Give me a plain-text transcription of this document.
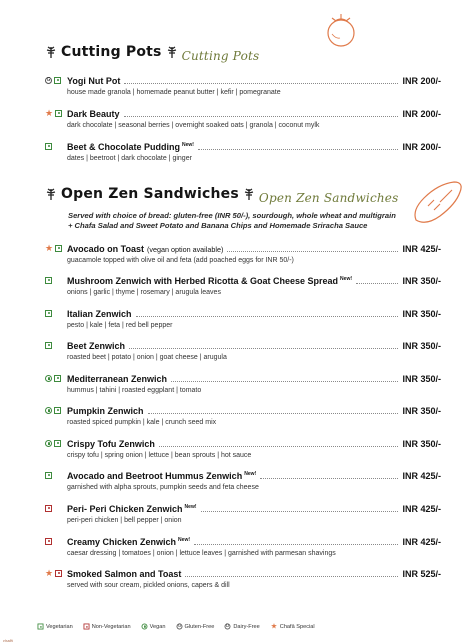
Cutting Pots Cutting Pots
Open Zen Sandwiches Open Zen Sandwiches
Served with choice of bread: gluten-free (INR 50/-), sourdough, whole wheat and multigrain
+ Chafa Salad and Sweet Potato and Banana Chips and Homemade Sriracha Sauce
G Yogi Nut Pot	INR 200/-
house made granola | homemade peanut butter | kefir | pomegranate
★ Dark Beauty	INR 200/-
dark chocolate | seasonal berries | overnight soaked oats | granola | coconut mylk
Beet & Chocolate Pudding $^{New!}$	INR 200/-
dates | beetroot | dark chocolate | ginger
★ Avocado on Toast (vegan option available)	INR 425/-
guacamole topped with olive oil and feta (add poached eggs for INR 50/-)
Mushroom Zenwich with Herbed Ricotta & Goat Cheese Spread $^{New!}$	INR 350/-
onions | garlic | thyme | rosemary | arugula leaves
Italian Zenwich	INR 350/-
pesto | kale | feta | red bell pepper
Beet Zenwich	INR 350/-
roasted beet | potato | onion | goat cheese | arugula
Mediterranean Zenwich	INR 350/-
hummus | tahini | roasted eggplant | tomato
Pumpkin Zenwich	INR 350/-
roasted spiced pumpkin | kale | crunch seed mix
Crispy Tofu Zenwich	INR 350/-
crispy tofu | spring onion | lettuce | bean sprouts | hot sauce
Avocado and Beetroot Hummus Zenwich $^{New!}$	INR 425/-
garnished with alpha sprouts, pumpkin seeds and feta cheese
Peri- Peri Chicken Zenwich $^{New!}$	INR 425/-
peri-peri chicken | bell pepper | onion
Creamy Chicken Zenwich $^{New!}$	INR 425/-
caesar dressing | tomatoes | onion | lettuce leaves | garnished with parmesan shavings
★ Smoked Salmon and Toast	INR 525/-
served with sour cream, pickled onions, capers & dill
Vegetarian	Non-Vegetarian	Vegan G Gluten-Free D Dairy-Free ★ Chafā Special
chafā
